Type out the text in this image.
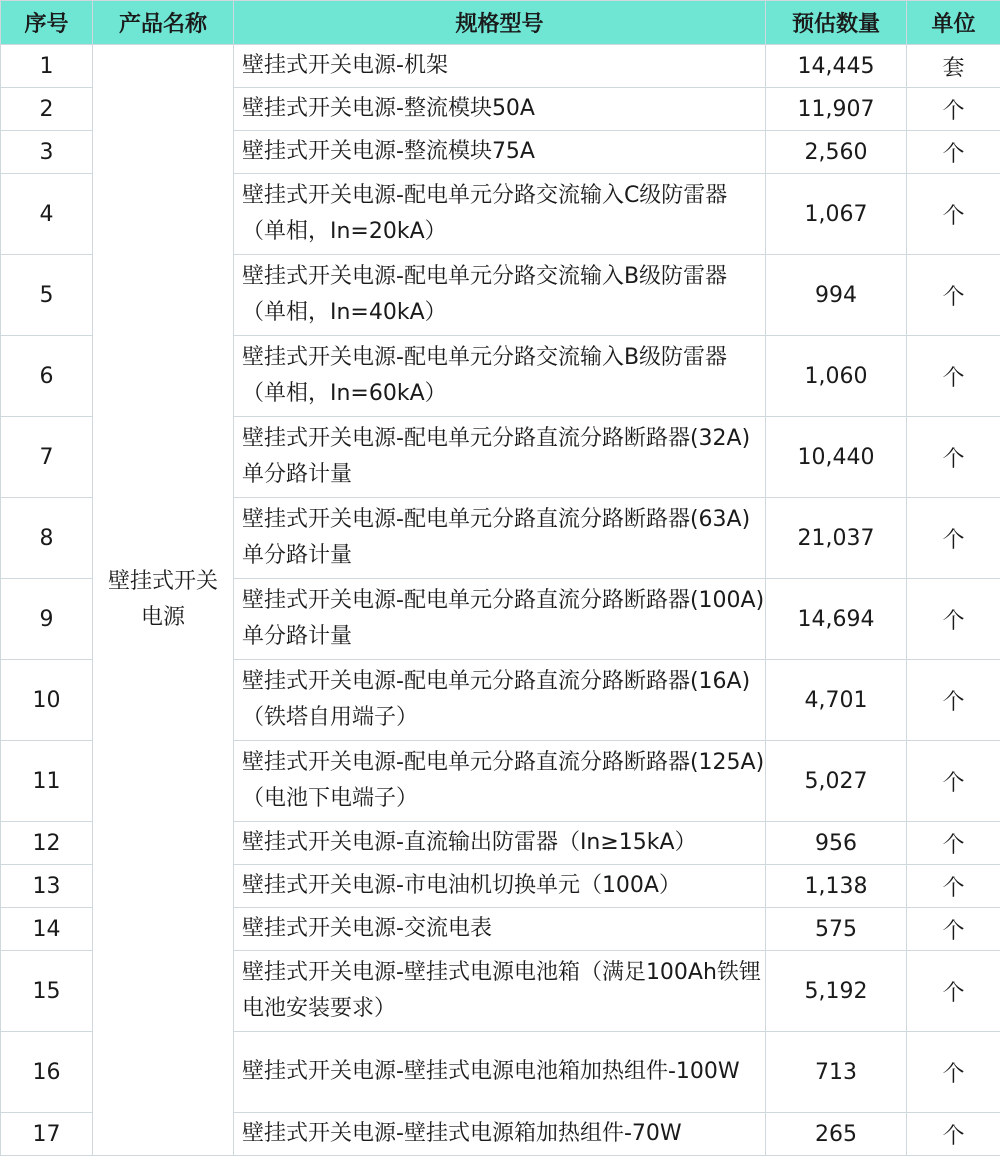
序号	产品名称	规格型号	预估数量	单位
1	壁挂式开关电源	壁挂式开关电源-机架	14,445	套
2		壁挂式开关电源-整流模块50A	11,907	个
3		壁挂式开关电源-整流模块75A	2,560	个
4		壁挂式开关电源-配电单元分路交流输入C级防雷器（单相，In=20kA）	1,067	个
5		壁挂式开关电源-配电单元分路交流输入B级防雷器（单相，In=40kA）	994	个
6		壁挂式开关电源-配电单元分路交流输入B级防雷器（单相，In=60kA）	1,060	个
7		壁挂式开关电源-配电单元分路直流分路断路器(32A)单分路计量	10,440	个
8		壁挂式开关电源-配电单元分路直流分路断路器(63A)单分路计量	21,037	个
9		壁挂式开关电源-配电单元分路直流分路断路器(100A)单分路计量	14,694	个
10		壁挂式开关电源-配电单元分路直流分路断路器(16A)（铁塔自用端子）	4,701	个
11		壁挂式开关电源-配电单元分路直流分路断路器(125A)（电池下电端子）	5,027	个
12		壁挂式开关电源-直流输出防雷器（In≥15kA）	956	个
13		壁挂式开关电源-市电油机切换单元（100A）	1,138	个
14		壁挂式开关电源-交流电表	575	个
15		壁挂式开关电源-壁挂式电源电池箱（满足100Ah铁锂电池安装要求）	5,192	个
16		壁挂式开关电源-壁挂式电源电池箱加热组件-100W	713	个
17		壁挂式开关电源-壁挂式电源箱加热组件-70W	265	个
